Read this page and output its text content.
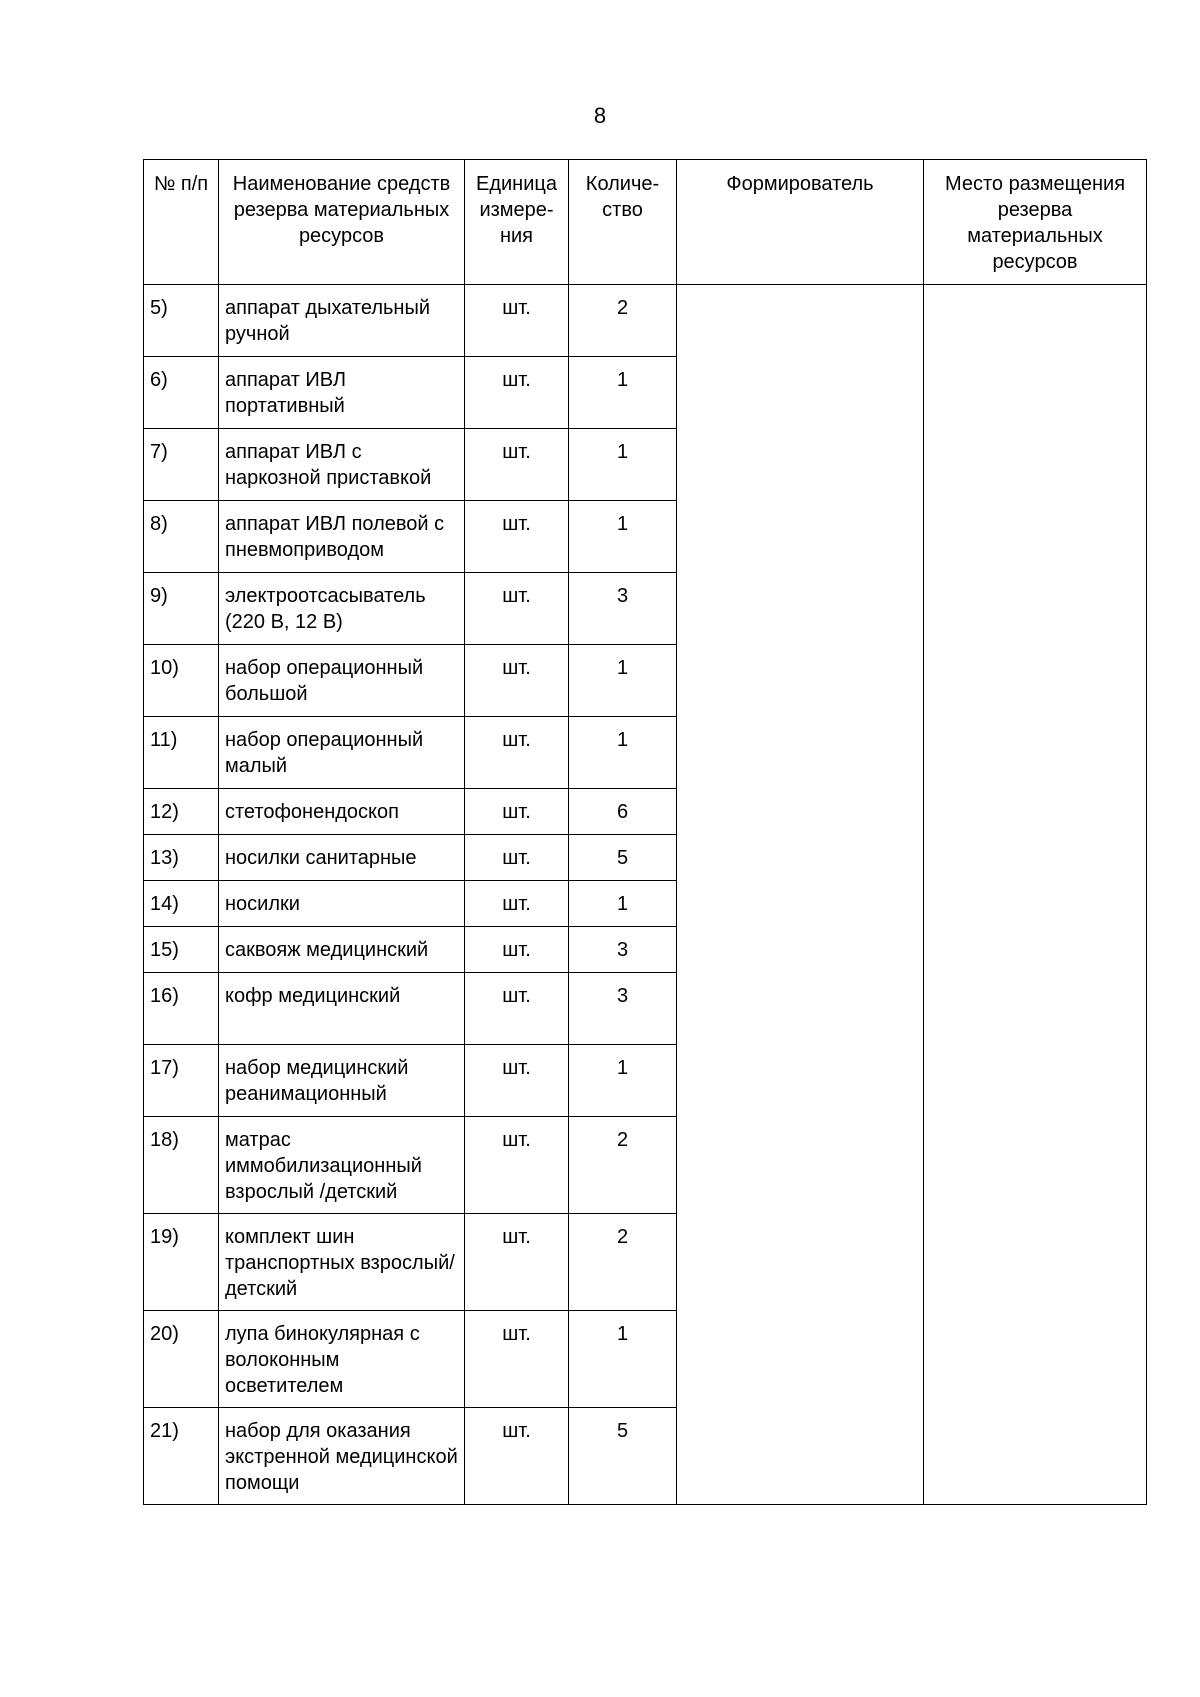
8
№ п/п	Наименование средств резерва материальных ресурсов	Единица измере-ния	Количе-ство	Формирователь	Место размещения резерва материальных ресурсов
5)	аппарат дыхательный ручной	шт.	2		
6)	аппарат ИВЛ портативный	шт.	1		
7)	аппарат ИВЛ с наркозной приставкой	шт.	1		
8)	аппарат ИВЛ полевой с пневмоприводом	шт.	1		
9)	электроотсасыватель (220 В, 12 В)	шт.	3		
10)	набор операционный большой	шт.	1		
11)	набор операционный малый	шт.	1		
12)	стетофонендоскоп	шт.	6		
13)	носилки санитарные	шт.	5		
14)	носилки	шт.	1		
15)	саквояж медицинский	шт.	3		
16)	кофр медицинский	шт.	3		
17)	набор медицинский реанимационный	шт.	1		
18)	матрас иммобилизационный взрослый /детский	шт.	2		
19)	комплект шин транспортных взрослый/детский	шт.	2		
20)	лупа бинокулярная с волоконным осветителем	шт.	1		
21)	набор для оказания экстренной медицинской помощи	шт.	5		
